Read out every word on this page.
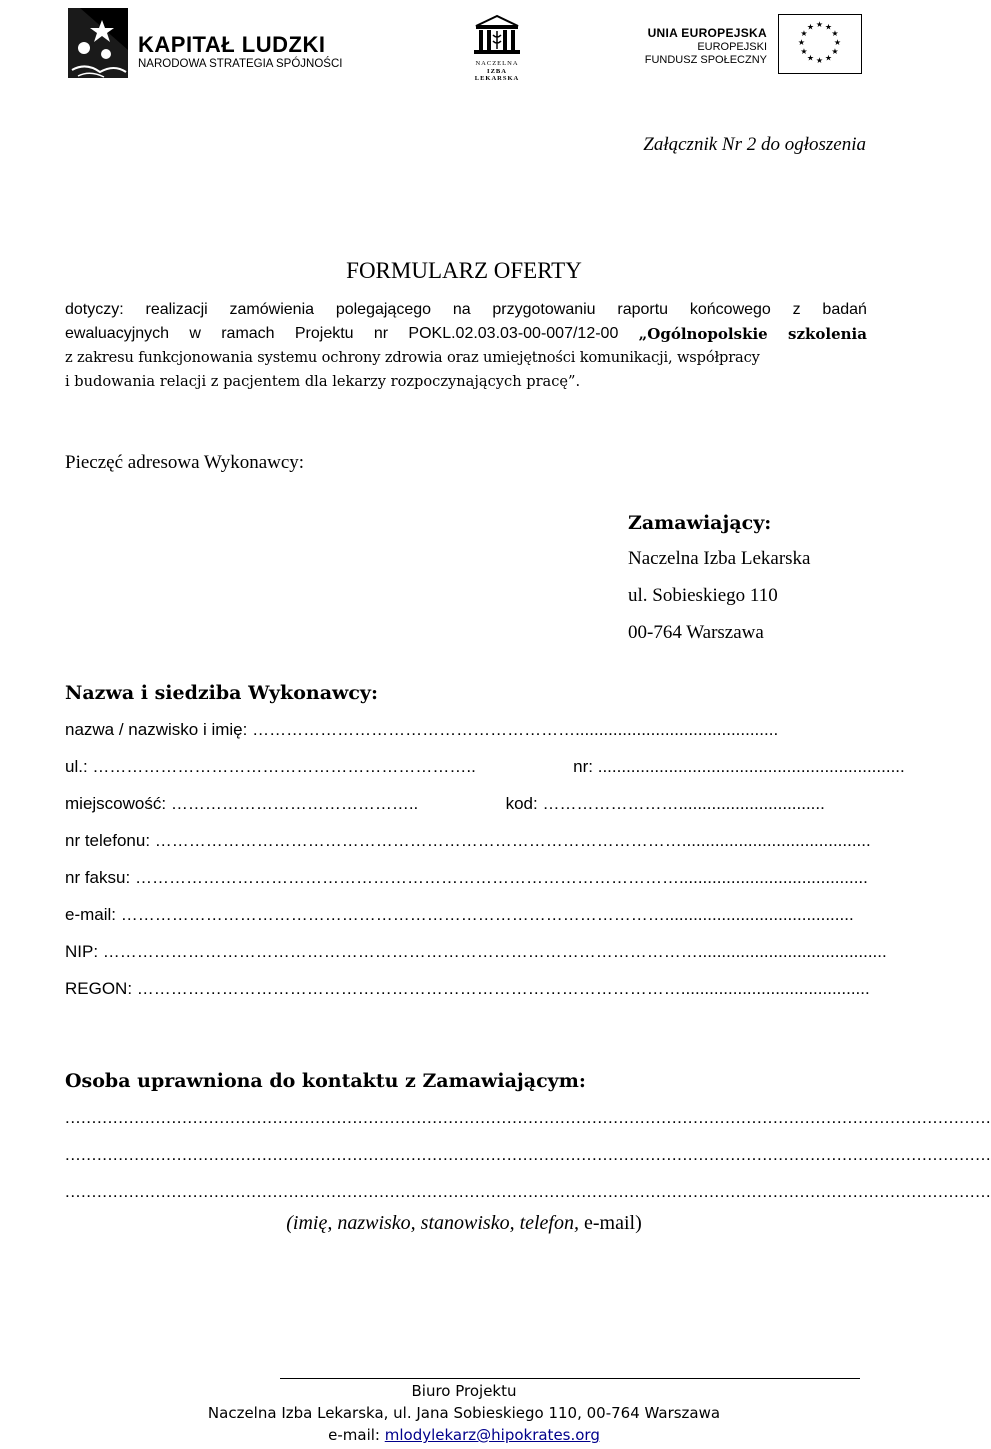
KAPITAŁ LUDZKI
NARODOWA STRATEGIA SPÓJNOŚCI	NACZELNA
IZBA LEKARSKA
UNIA EUROPEJSKA
EUROPEJSKI
FUNDUSZ SPOŁECZNY
★ ★
★
★
★
★
★
★
★
★
★
★
Załącznik Nr 2 do ogłoszenia
FORMULARZ OFERTY
dotyczy: realizacji zamówienia polegającego na przygotowaniu raportu końcowego z badań
ewaluacyjnych w ramach Projektu nr POKL.02.03.03-00-007/12-00 „Ogólnopolskie szkolenia
z zakresu funkcjonowania systemu ochrony zdrowia oraz umiejętności komunikacji, współpracy
i budowania relacji z pacjentem dla lekarzy rozpoczynających pracę”.
Pieczęć adresowa Wykonawcy:
Zamawiający:
Naczelna Izba Lekarska
ul. Sobieskiego 110
00-764 Warszawa
Nazwa i siedziba Wykonawcy:
nazwa / nazwisko i imię: …………………………………………………...........................................
ul.: …………………………………………………………..	nr: .................................................................
miejscowość: ……………………………………..	kod: ……………………...............................
nr telefonu: …………………………………………………………………………………........................................
nr faksu: ……………………………………………………………………………………........................................
e-mail: ……………………………………………………………………………………........................................
NIP: ……………………………………………………………………………………………........................................
REGON: ……………………………………………………………………………………........................................
Osoba uprawniona do kontaktu z Zamawiającym:
..............................................................................................................................................................................
..............................................................................................................................................................................
..............................................................................................................................................................................
(imię, nazwisko, stanowisko, telefon, e-mail)
Biuro Projektu
Naczelna Izba Lekarska, ul. Jana Sobieskiego 110, 00-764 Warszawa
e-mail: mlodylekarz@hipokrates.org
